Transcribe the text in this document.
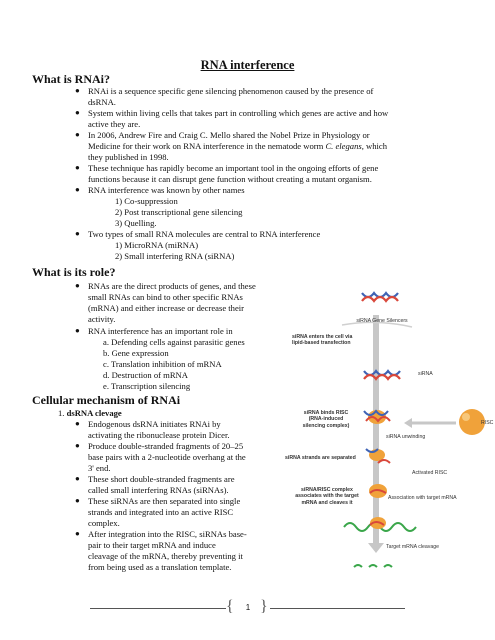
RNA interference
What is RNAi?
RNAi is a sequence specific gene silencing phenomenon caused by the presence of
dsRNA.
System within living cells that takes part in controlling which genes are active and how
active they are.
In 2006, Andrew Fire and Craig C. Mello shared the Nobel Prize in Physiology or
Medicine for their work on RNA interference in the nematode worm C. elegans, which
they published in 1998.
These technique has rapidly become an important tool in the ongoing efforts of gene
functions because it can disrupt gene function without creating a mutant organism.
RNA interference was known by other names
1) Co-suppression
2) Post transcriptional gene silencing
3) Quelling.
Two types of small RNA molecules are central to RNA interference
1) MicroRNA (miRNA)
2) Small interfering RNA (siRNA)
●
●
●
●
●
●
What is its role?
● RNAs are the direct products of genes, and these
small RNAs can bind to other specific RNAs
(mRNA) and either increase or decrease their
activity.
● RNA interference has an important role in
a. Defending cells against parasitic genes
b. Gene expression
c. Translation inhibition of mRNA
d. Destruction of mRNA
e. Transcription silencing
Cellular mechanism of RNAi
1. dsRNA clevage
● Endogenous dsRNA initiates RNAi by
activating the ribonuclease protein Dicer.
● Produce double-stranded fragments of 20–25
base pairs with a 2-nucleotide overhang at the
3' end.
● These short double-stranded fragments are
called small interfering RNAs (siRNAs).
● These siRNAs are then separated into single
strands and integrated into an active RISC
complex.
● After integration into the RISC, siRNAs base-
pair to their target mRNA and induce
cleavage of the mRNA, thereby preventing it
from being used as a translation template.
siRNA Gene Silencers
siRNA enters the cell via
lipid-based transfection
siRNA
siRNA binds RISC
(RNA-induced
silencing complex)	RISC
siRNA unwinding
siRNA strands are separated
Activated RISC
siRNA/RISC complex
associates with the target
mRNA and cleaves it
Association with target mRNA
Target mRNA cleavage
{ }
1
